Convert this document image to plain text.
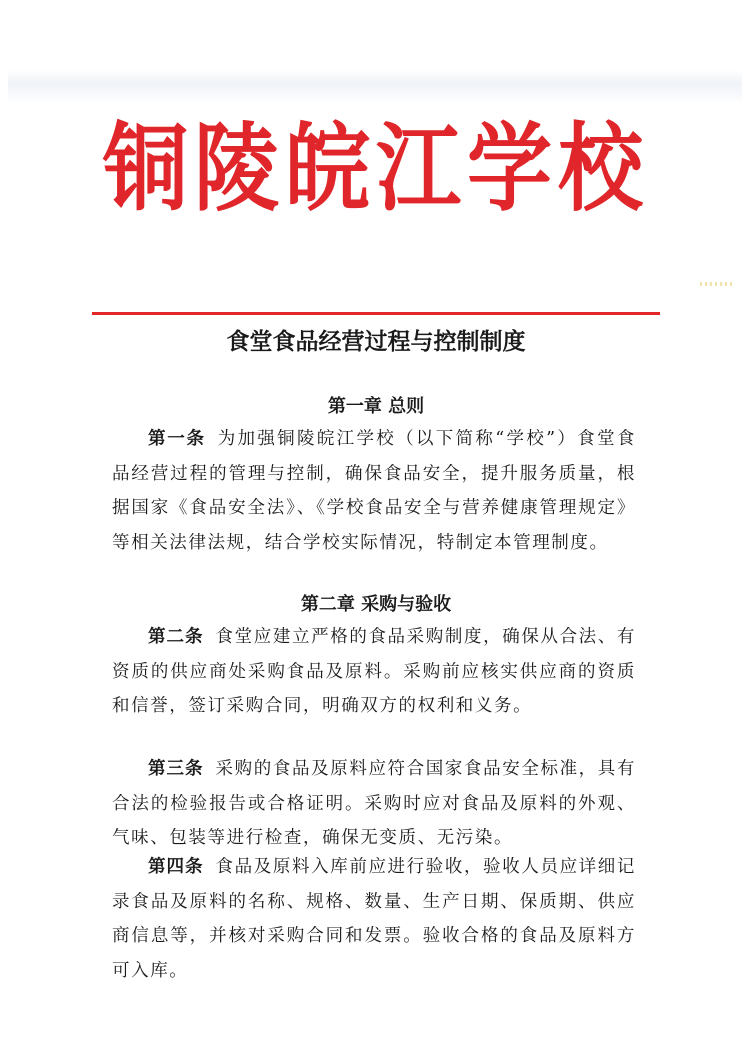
铜陵皖江学校
食堂食品经营过程与控制制度
第一章 总则

第一条 为加强铜陵皖江学校（以下简称“学校”）食堂食品经营过程的管理与控制，确保食品安全，提升服务质量，根据国家《食品安全法》、《学校食品安全与营养健康管理规定》等相关法律法规，结合学校实际情况，特制定本管理制度。

第二章 采购与验收

第二条 食堂应建立严格的食品采购制度，确保从合法、有资质的供应商处采购食品及原料。采购前应核实供应商的资质和信誉，签订采购合同，明确双方的权利和义务。

第三条 采购的食品及原料应符合国家食品安全标准，具有合法的检验报告或合格证明。采购时应对食品及原料的外观、气味、包装等进行检查，确保无变质、无污染。

第四条 食品及原料入库前应进行验收，验收人员应详细记录食品及原料的名称、规格、数量、生产日期、保质期、供应商信息等，并核对采购合同和发票。验收合格的食品及原料方可入库。
